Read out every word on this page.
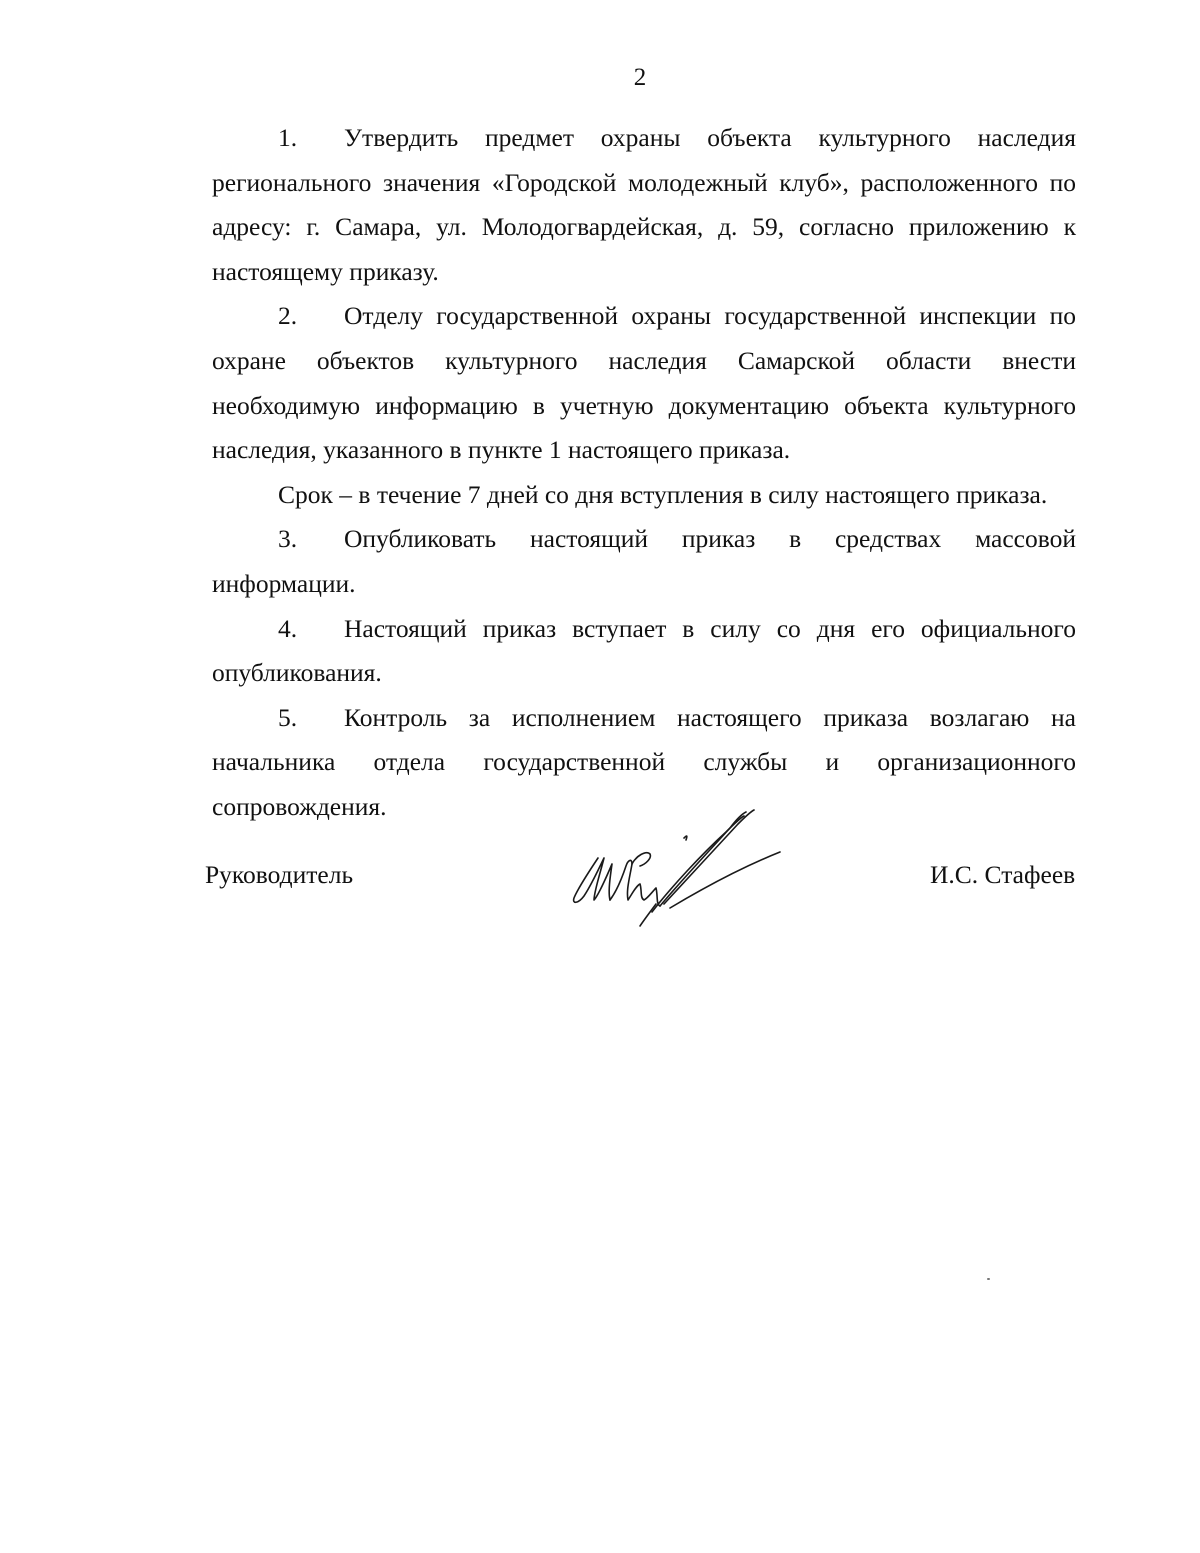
2

1. Утвердить предмет охраны объекта культурного наследия регионального значения «Городской молодежный клуб», расположенного по адресу: г. Самара, ул. Молодогвардейская, д. 59, согласно приложению к настоящему приказу.

2. Отделу государственной охраны государственной инспекции по охране объектов культурного наследия Самарской области внести необходимую информацию в учетную документацию объекта культурного наследия, указанного в пункте 1 настоящего приказа.

Срок – в течение 7 дней со дня вступления в силу настоящего приказа.

3. Опубликовать настоящий приказ в средствах массовой информации.

4. Настоящий приказ вступает в силу со дня его официального опубликования.

5. Контроль за исполнением настоящего приказа возлагаю на начальника отдела государственной службы и организационного сопровождения.

Руководитель	И.С. Стафеев
